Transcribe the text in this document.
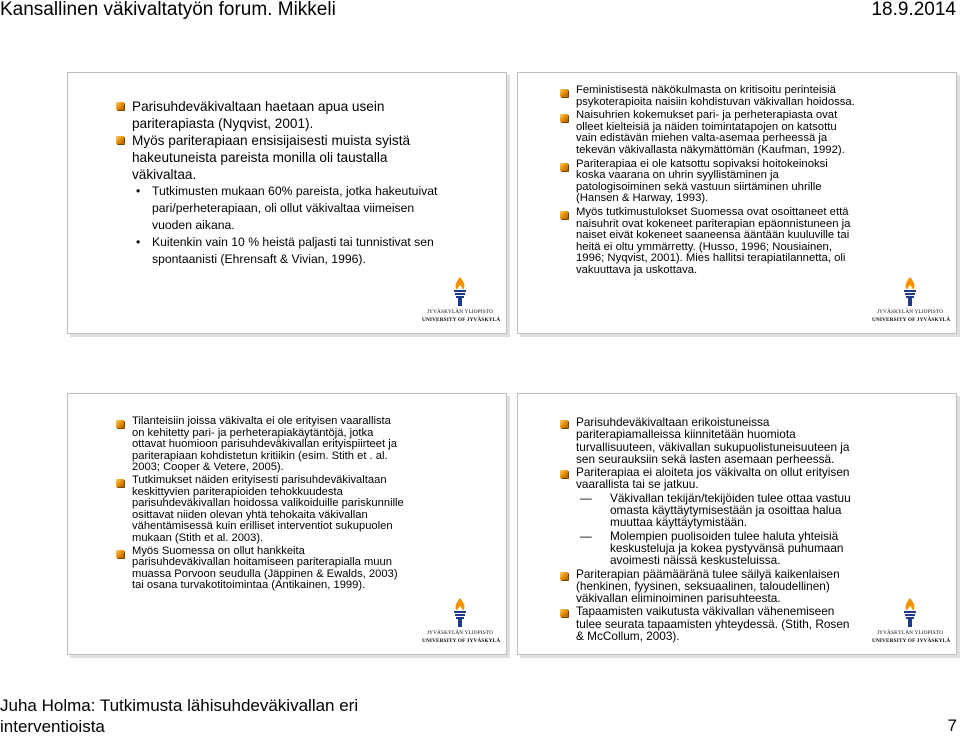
Kansallinen väkivaltatyön forum. Mikkeli	18.9.2014
Parisuhdeväkivaltaan haetaan apua usein pariterapiasta (Nyqvist, 2001).
Myös pariterapiaan ensisijaisesti muista syistä hakeutuneista pareista monilla oli taustalla väkivaltaa.
• Tutkimusten mukaan 60% pareista, jotka hakeutuivat pari/perheterapiaan, oli ollut väkivaltaa viimeisen vuoden aikana.
• Kuitenkin vain 10 % heistä paljasti tai tunnistivat sen spontaanisti (Ehrensaft & Vivian, 1996).
JYVÄSKYLÄN YLIOPISTO
UNIVERSITY OF JYVÄSKYLÄ
Feministisestä näkökulmasta on kritisoitu perinteisiä psykoterapioita naisiin kohdistuvan väkivallan hoidossa.
Naisuhrien kokemukset pari- ja perheterapiasta ovat olleet kielteisiä ja näiden toimintatapojen on katsottu vain edistävän miehen valta-asemaa perheessä ja tekevän väkivallasta näkymättömän (Kaufman, 1992).
Pariterapiaa ei ole katsottu sopivaksi hoitokeinoksi koska vaarana on uhrin syyllistäminen ja patologisoiminen sekä vastuun siirtäminen uhrille (Hansen & Harway, 1993).
Myös tutkimustulokset Suomessa ovat osoittaneet että naisuhrit ovat kokeneet pariterapian epäonnistuneen ja naiset eivät kokeneet saaneensa ääntään kuuluville tai heitä ei oltu ymmärretty. (Husso, 1996; Nousiainen, 1996; Nyqvist, 2001). Mies hallitsi terapiatilannetta, oli vakuuttava ja uskottava.
JYVÄSKYLÄN YLIOPISTO
UNIVERSITY OF JYVÄSKYLÄ
Tilanteisiin joissa väkivalta ei ole erityisen vaarallista on kehitetty pari- ja perheterapiakäytäntöjä, jotka ottavat huomioon parisuhdeväkivallan erityispiirteet ja pariterapiaan kohdistetun kritiikin (esim. Stith et . al. 2003; Cooper & Vetere, 2005).
Tutkimukset näiden erityisesti parisuhdeväkivaltaan keskittyvien pariterapioiden tehokkuudesta parisuhdeväkivallan hoidossa valikoiduille pariskunnille osittavat niiden olevan yhtä tehokaita väkivallan vähentämisessä kuin erilliset interventiot sukupuolen mukaan (Stith et al. 2003).
Myös Suomessa on ollut hankkeita parisuhdeväkivallan hoitamiseen pariterapialla muun muassa Porvoon seudulla (Jäppinen & Ewalds, 2003) tai osana turvakotitoimintaa (Antikainen, 1999).
JYVÄSKYLÄN YLIOPISTO
UNIVERSITY OF JYVÄSKYLÄ
Parisuhdeväkivaltaan erikoistuneissa pariterapiamalleissa kiinnitetään huomiota turvallisuuteen, väkivallan sukupuolistuneisuuteen ja sen seurauksiin sekä lasten asemaan perheessä.
Pariterapiaa ei aloiteta jos väkivalta on ollut erityisen vaarallista tai se jatkuu.
— Väkivallan tekijän/tekijöiden tulee ottaa vastuu omasta käyttäytymisestään ja osoittaa halua muuttaa käyttäytymistään.
— Molempien puolisoiden tulee haluta yhteisiä keskusteluja ja kokea pystyvänsä puhumaan avoimesti näissä keskusteluissa.
Pariterapian päämääränä tulee säilyä kaikenlaisen (henkinen, fyysinen, seksuaalinen, taloudellinen) väkivallan eliminoiminen parisuhteesta.
Tapaamisten vaikutusta väkivallan vähenemiseen tulee seurata tapaamisten yhteydessä. (Stith, Rosen & McCollum, 2003).	JYVÄSKYLÄN YLIOPISTO
UNIVERSITY OF JYVÄSKYLÄ
Juha Holma: Tutkimusta lähisuhdeväkivallan eri
interventioista	7
